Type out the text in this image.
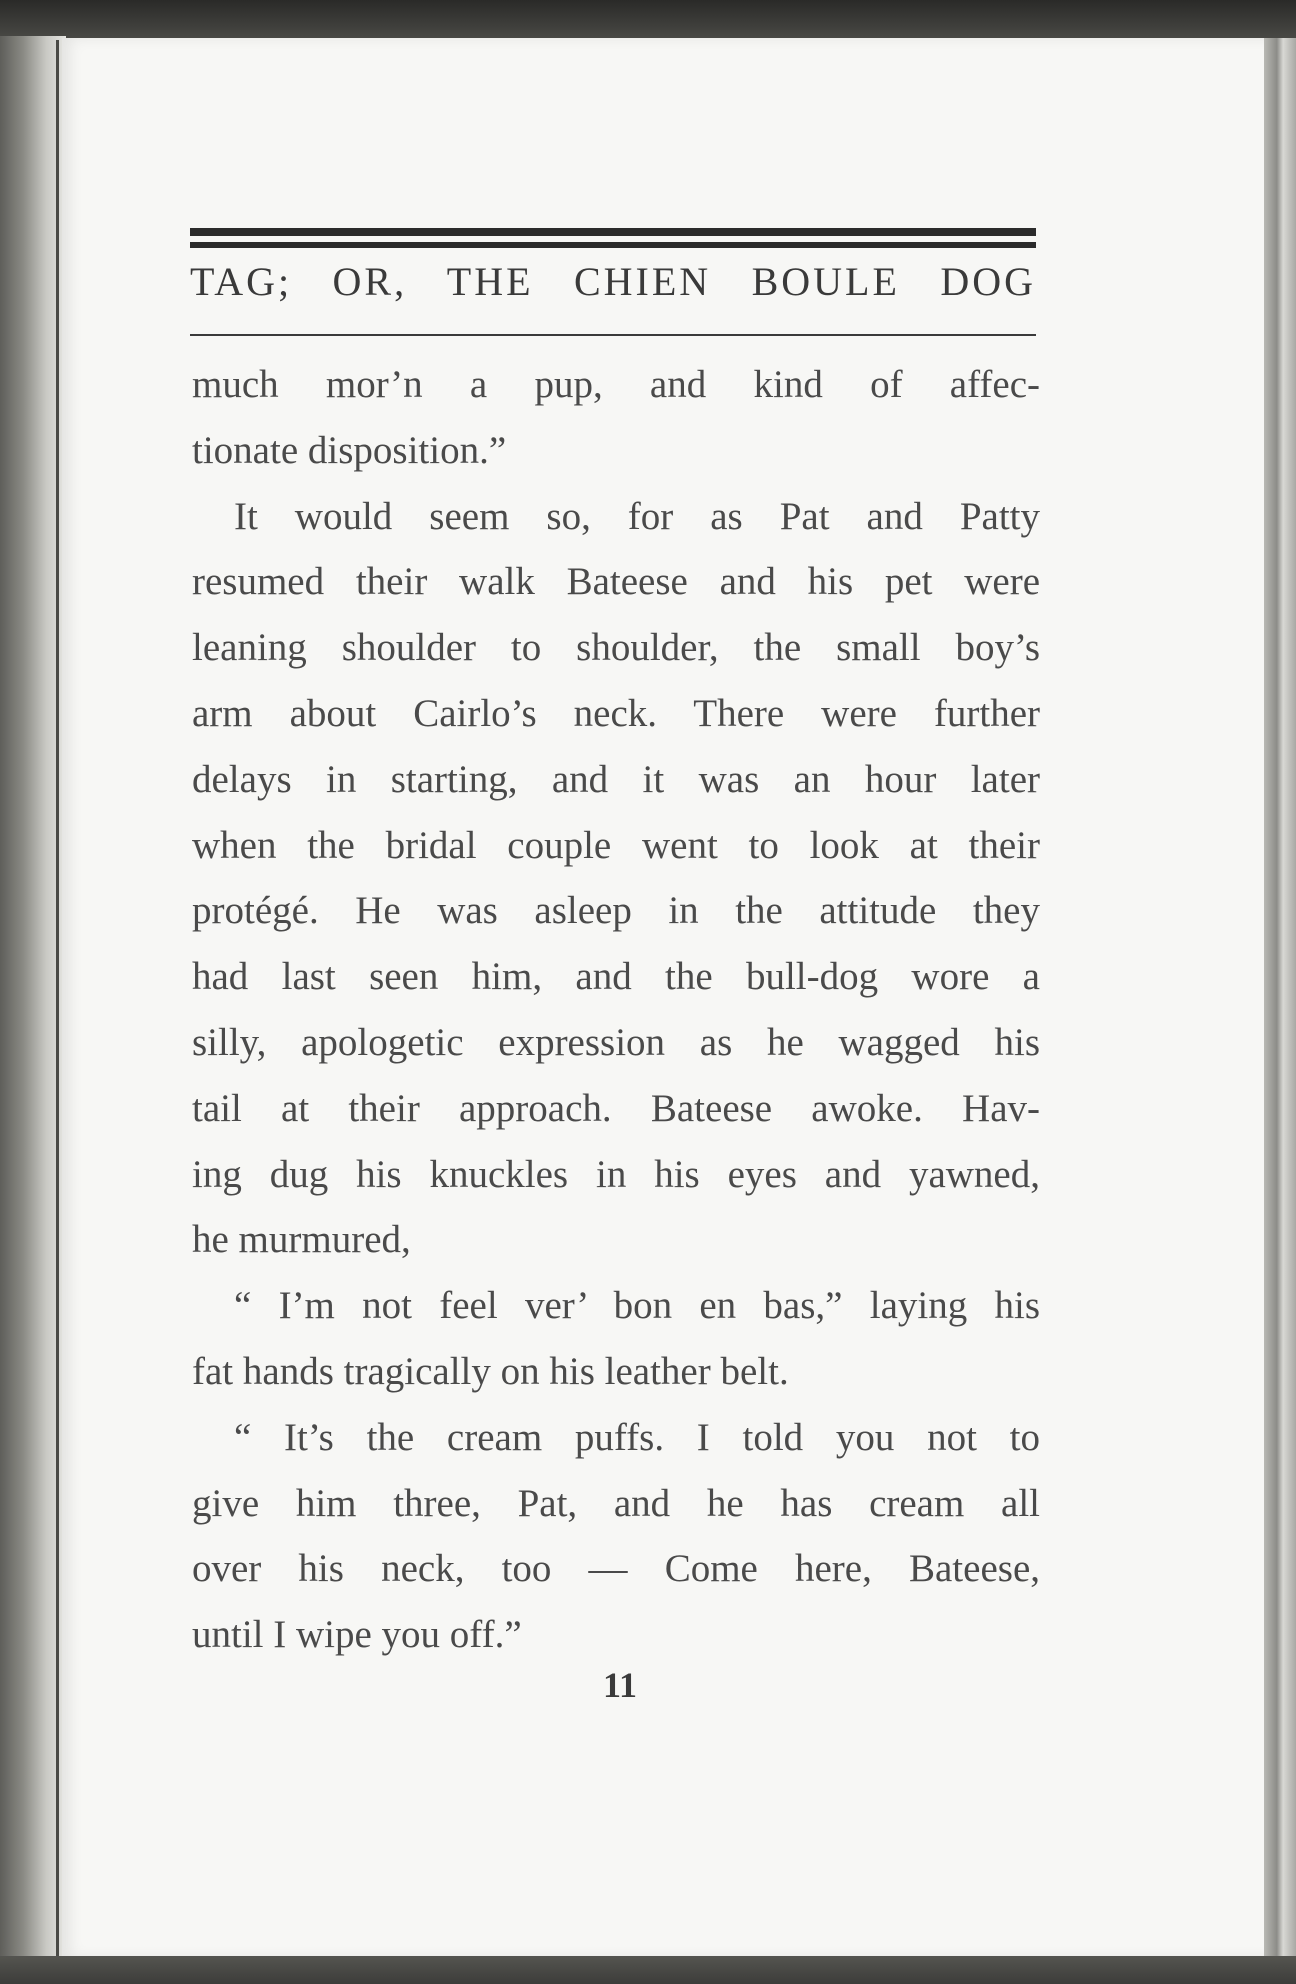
TAG; OR, THE CHIEN BOULE DOG
much mor’n a pup, and kind of affec-
tionate disposition.”
It would seem so, for as Pat and Patty
resumed their walk Bateese and his pet were
leaning shoulder to shoulder, the small boy’s
arm about Cairlo’s neck. There were further
delays in starting, and it was an hour later
when the bridal couple went to look at their
protégé. He was asleep in the attitude they
had last seen him, and the bull-dog wore a
silly, apologetic expression as he wagged his
tail at their approach. Bateese awoke. Hav-
ing dug his knuckles in his eyes and yawned,
he murmured,
“ I’m not feel ver’ bon en bas,” laying his
fat hands tragically on his leather belt.
“ It’s the cream puffs. I told you not to
give him three, Pat, and he has cream all
over his neck, too — Come here, Bateese,
until I wipe you off.”
11
